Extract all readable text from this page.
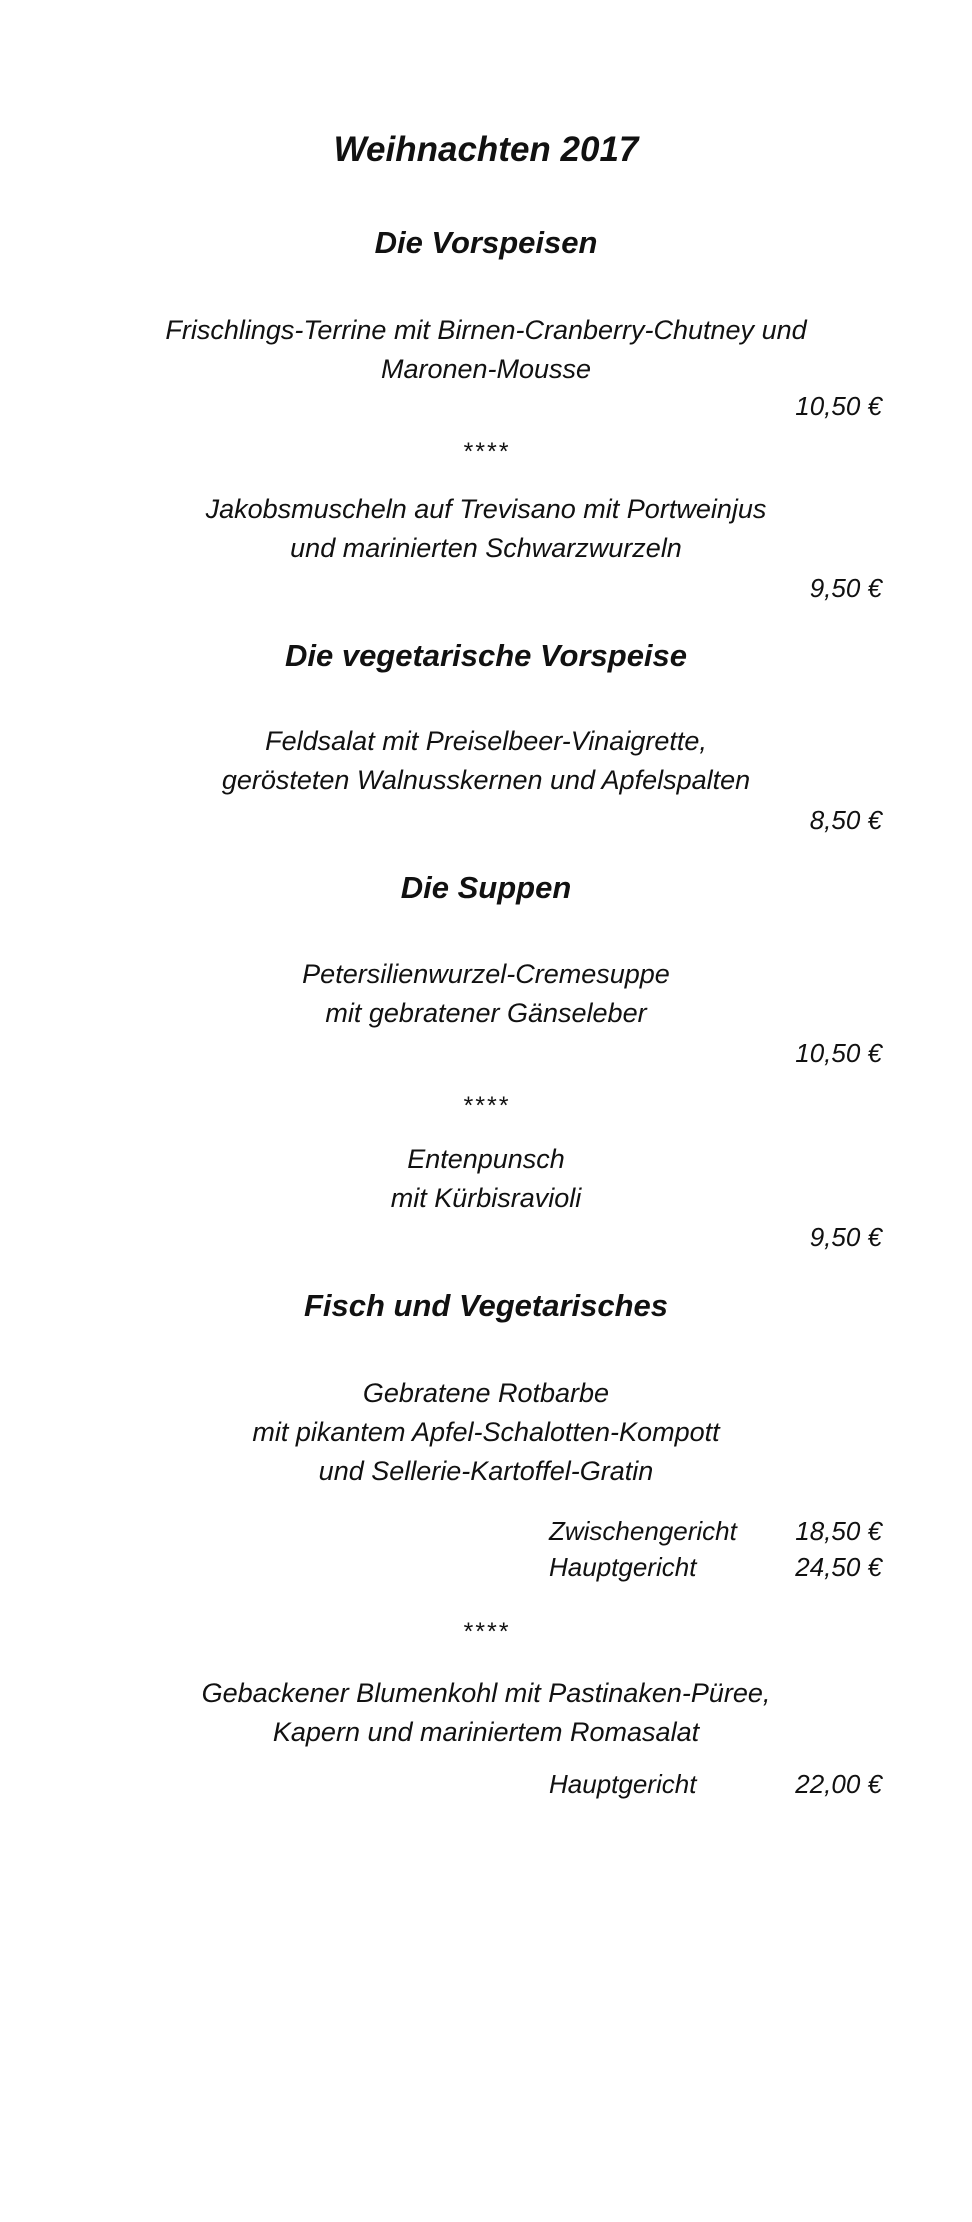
Weihnachten 2017
Die Vorspeisen
Frischlings-Terrine mit Birnen-Cranberry-Chutney und
Maronen-Mousse
10,50 €
****
Jakobsmuscheln auf Trevisano mit Portweinjus
und marinierten Schwarzwurzeln
9,50 €
Die vegetarische Vorspeise
Feldsalat mit Preiselbeer-Vinaigrette,
gerösteten Walnusskernen und Apfelspalten
8,50 €
Die Suppen
Petersilienwurzel-Cremesuppe
mit gebratener Gänseleber
10,50 €
****
Entenpunsch
mit Kürbisravioli
9,50 €
Fisch und Vegetarisches
Gebratene Rotbarbe
mit pikantem Apfel-Schalotten-Kompott
und Sellerie-Kartoffel-Gratin
Zwischengericht 18,50 €
Hauptgericht	24,50 €
****
Gebackener Blumenkohl mit Pastinaken-Püree,
Kapern und mariniertem Romasalat
Hauptgericht	22,00 €
